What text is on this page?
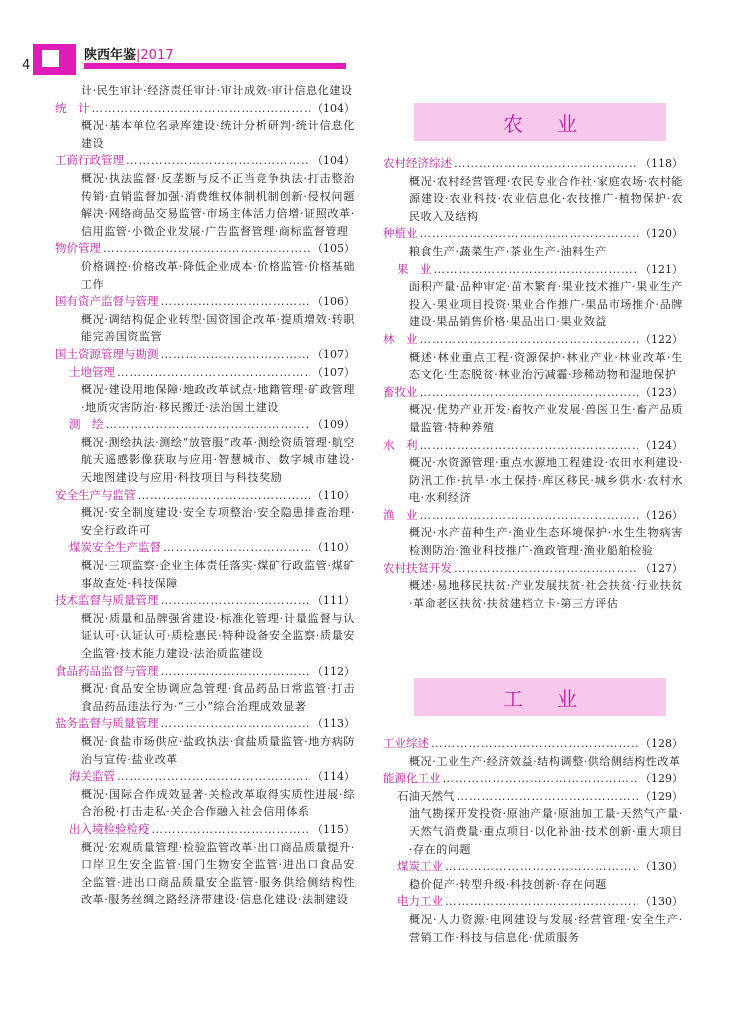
4
陕西年鉴|2017
计·民生审计·经济责任审计·审计成效·审计信息化建设
统　计 ………………………………………………………………………………………………………………	（104）
概况·基本单位名录库建设·统计分析研判·统计信息化建设
工商行政管理 ………………………………………………………………………………………………………………	（104）
概况·执法监督·反垄断与反不正当竞争执法·打击整治传销·直销监督加强·消费维权体制机制创新·侵权问题解决·网络商品交易监管·市场主体活力倍增·证照改革·信用监管·小微企业发展·广告监督管理·商标监督管理
物价管理 ………………………………………………………………………………………………………………	（105）
价格调控·价格改革·降低企业成本·价格监管·价格基础工作
国有资产监督与管理 ………………………………………………………………………………………………………………	（106）
概况·调结构促企业转型·国资国企改革·提质增效·转职能完善国资监管
国土资源管理与勘测 ………………………………………………………………………………………………………………	（107）
土地管理 ………………………………………………………………………………………………………………	（107）
概况·建设用地保障·地政改革试点·地籍管理·矿政管理·地质灾害防治·移民搬迁·法治国土建设
测　绘 ………………………………………………………………………………………………………………	（109）
概况·测绘执法·测绘“放管服”改革·测绘资质管理·航空航天遥感影像获取与应用·智慧城市、数字城市建设·天地图建设与应用·科技项目与科技奖励
安全生产与监管 ………………………………………………………………………………………………………………	（110）
概况·安全制度建设·安全专项整治·安全隐患排查治理·安全行政许可
煤炭安全生产监督 ………………………………………………………………………………………………………………	（110）
概况·三项监察·企业主体责任落实·煤矿行政监管·煤矿事故查处·科技保障
技术监督与质量管理 ………………………………………………………………………………………………………………	（111）
概况·质量和品牌强省建设·标准化管理·计量监督与认证认可·认证认可·质检惠民·特种设备安全监察·质量安全监管·技术能力建设·法治质监建设
食品药品监督与管理 ………………………………………………………………………………………………………………	（112）
概况·食品安全协调应急管理·食品药品日常监管·打击食品药品违法行为·“三小”综合治理成效显著
盐务监督与质量管理 ………………………………………………………………………………………………………………	（113）
概况·食盐市场供应·盐政执法·食盐质量监管·地方病防治与宣传·盐业改革
海关监管 ………………………………………………………………………………………………………………	（114）
概况·国际合作成效显著·关检改革取得实质性进展·综合治税·打击走私·关企合作融入社会信用体系
出入境检验检疫 ………………………………………………………………………………………………………………	（115）
概况·宏观质量管理·检验监管改革·出口商品质量提升·口岸卫生安全监管·国门生物安全监管·进出口食品安全监管·进出口商品质量安全监管·服务供给侧结构性改革·服务丝绸之路经济带建设·信息化建设·法制建设
农业
农村经济综述 ………………………………………………………………………………………………………………	（118）
概况·农村经营管理·农民专业合作社·家庭农场·农村能源建设·农业科技·农业信息化·农技推广·植物保护·农民收入及结构
种植业 ………………………………………………………………………………………………………………	（120）
粮食生产·蔬菜生产·茶业生产·油料生产
果　业 ………………………………………………………………………………………………………………	（121）
面积产量·品种审定·苗木繁育·果业技术推广·果业生产投入·果业项目投资·果业合作推广·果品市场推介·品牌建设·果品销售价格·果品出口·果业效益
林　业 ………………………………………………………………………………………………………………	（122）
概述·林业重点工程·资源保护·林业产业·林业改革·生态文化·生态脱贫·林业治污减霾·珍稀动物和湿地保护
畜牧业 ………………………………………………………………………………………………………………	（123）
概况·优势产业开发·畜牧产业发展·兽医卫生·畜产品质量监管·特种养殖
水　利 ………………………………………………………………………………………………………………	（124）
概况·水资源管理·重点水源地工程建设·农田水利建设·防汛工作·抗旱·水土保持·库区移民·城乡供水·农村水电·水利经济
渔　业 ………………………………………………………………………………………………………………	（126）
概况·水产苗种生产·渔业生态环境保护·水生生物病害检测防治·渔业科技推广·渔政管理·渔业船舶检验
农村扶贫开发 ………………………………………………………………………………………………………………	（127）
概述·易地移民扶贫·产业发展扶贫·社会扶贫·行业扶贫·革命老区扶贫·扶贫建档立卡·第三方评估
工业
工业综述 ………………………………………………………………………………………………………………	（128）
概况·工业生产·经济效益·结构调整·供给侧结构性改革
能源化工业 ………………………………………………………………………………………………………………	（129）
石油天然气 ………………………………………………………………………………………………………………	（129）
油气勘探开发投资·原油产量·原油加工量·天然气产量·天然气消费量·重点项目·以化补油·技术创新·重大项目·存在的问题
煤炭工业 ………………………………………………………………………………………………………………	（130）
稳价促产·转型升级·科技创新·存在问题
电力工业 ………………………………………………………………………………………………………………	（130）
概况·人力资源·电网建设与发展·经营管理·安全生产·营销工作·科技与信息化·优质服务
